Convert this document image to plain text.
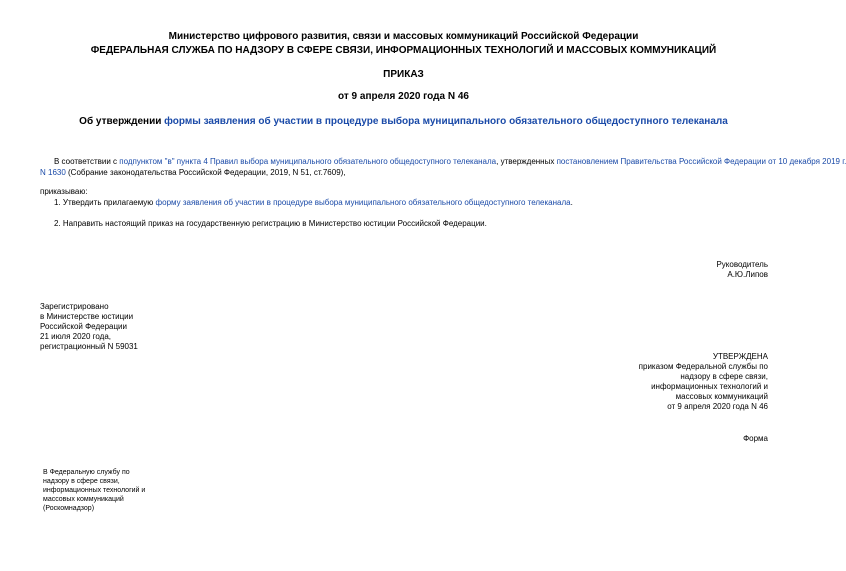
Министерство цифрового развития, связи и массовых коммуникаций Российской Федерации
ФЕДЕРАЛЬНАЯ СЛУЖБА ПО НАДЗОРУ В СФЕРЕ СВЯЗИ, ИНФОРМАЦИОННЫХ ТЕХНОЛОГИЙ И МАССОВЫХ КОММУНИКАЦИЙ
ПРИКАЗ
от 9 апреля 2020 года N 46
Об утверждении формы заявления об участии в процедуре выбора муниципального обязательного общедоступного телеканала
В соответствии с подпунктом "в" пункта 4 Правил выбора муниципального обязательного общедоступного телеканала, утвержденных постановлением Правительства Российской Федерации от 10 декабря 2019 г.
N 1630 (Собрание законодательства Российской Федерации, 2019, N 51, ст.7609),
приказываю:
1. Утвердить прилагаемую форму заявления об участии в процедуре выбора муниципального обязательного общедоступного телеканала.
2. Направить настоящий приказ на государственную регистрацию в Министерство юстиции Российской Федерации.
Руководитель
А.Ю.Липов
Зарегистрировано
в Министерстве юстиции
Российской Федерации
21 июля 2020 года,
регистрационный N 59031
УТВЕРЖДЕНА
приказом Федеральной службы по
надзору в сфере связи,
информационных технологий и
массовых коммуникаций
от 9 апреля 2020 года N 46
Форма
В Федеральную службу по
надзору в сфере связи,
информационных технологий и
массовых коммуникаций
(Роскомнадзор)
